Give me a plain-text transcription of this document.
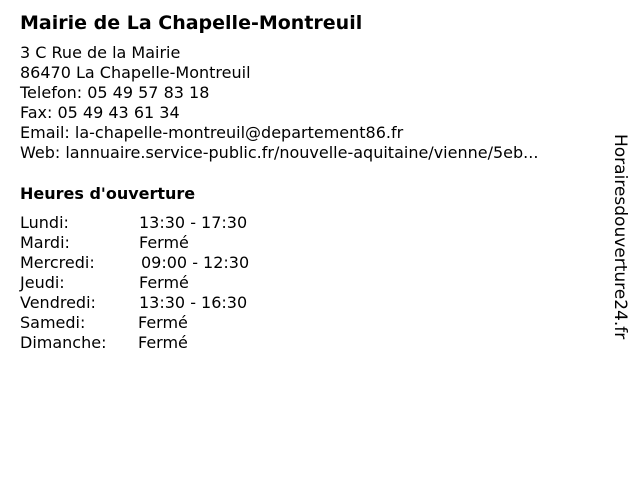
Mairie de La Chapelle-Montreuil
3 C Rue de la Mairie
86470 La Chapelle-Montreuil
Telefon: 05 49 57 83 18
Fax: 05 49 43 61 34
Email: la-chapelle-montreuil@departement86.fr
Web: lannuaire.service-public.fr/nouvelle-aquitaine/vienne/5eb...
Heures d'ouverture
Lundi:	13:30 - 17:30
Mardi:	Fermé
Mercredi:	09:00 - 12:30
Jeudi:	Fermé
Vendredi:	13:30 - 16:30
Samedi:	Fermé
Dimanche: Fermé
Horairesdouverture24.fr
